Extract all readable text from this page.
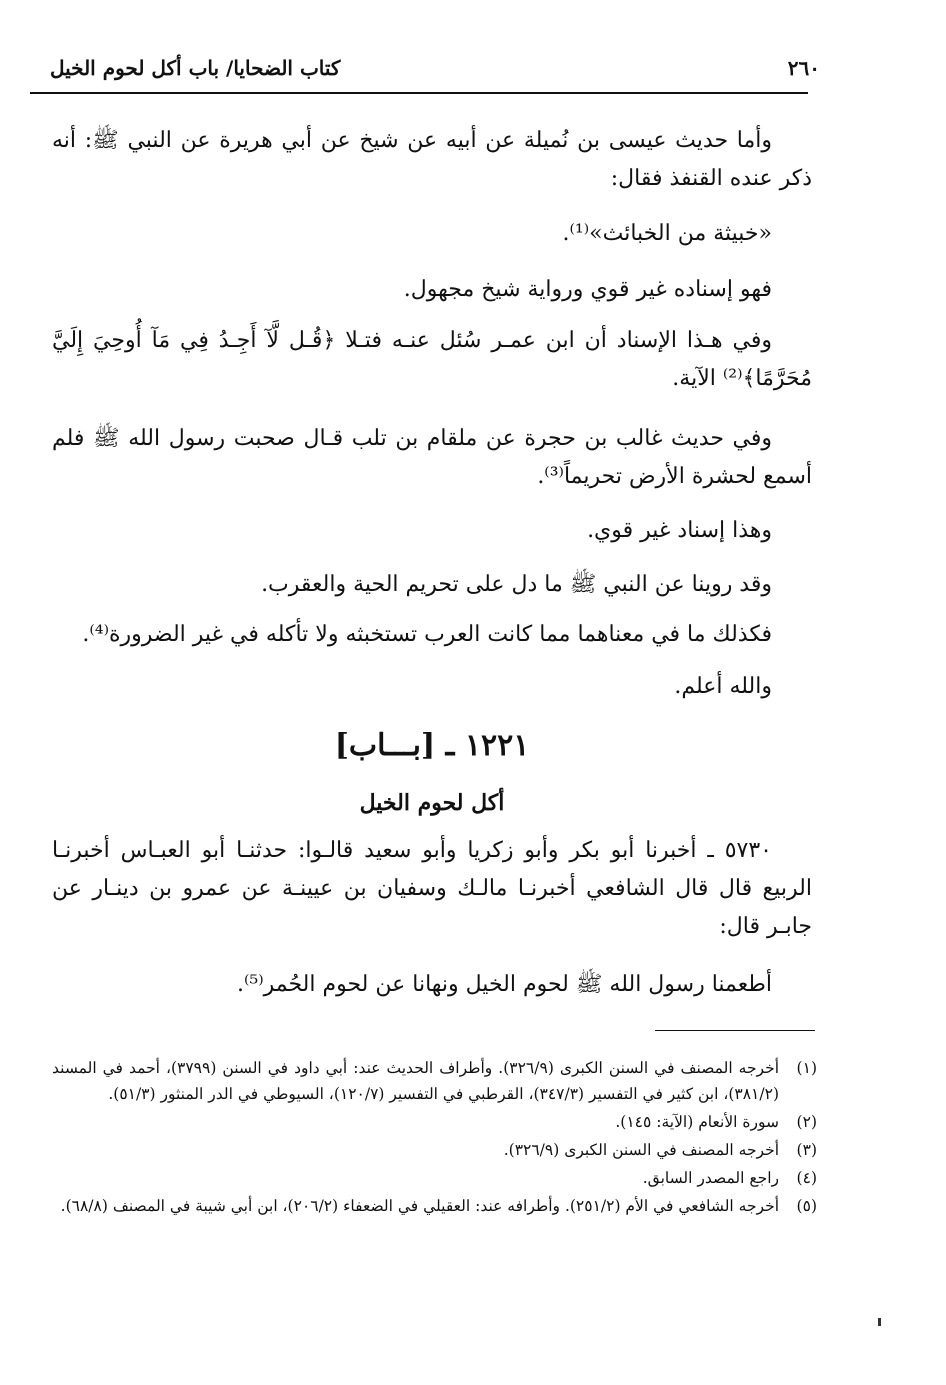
٢٦٠
كتاب الضحايا/ باب أكل لحوم الخيل

وأما حديث عيسى بن نُميلة عن أبيه عن شيخ عن أبي هريرة عن النبي ﷺ: أنه ذكر عنده القنفذ فقال:

«خبيثة من الخبائث»⁽¹⁾.

فهو إسناده غير قوي ورواية شيخ مجهول.

وفي هـذا الإسناد أن ابن عمـر سُئل عنـه فتـلا ﴿قُـل لَّآ أَجِـدُ فِي مَآ أُوحِيَ إِلَيَّ مُحَرَّمًا﴾⁽²⁾ الآية.

وفي حديث غالب بن حجرة عن ملقام بن تلب قـال صحبت رسول الله ﷺ فلم أسمع لحشرة الأرض تحريماً⁽³⁾.

وهذا إسناد غير قوي.

وقد روينا عن النبي ﷺ ما دل على تحريم الحية والعقرب.

فكذلك ما في معناهما مما كانت العرب تستخبثه ولا تأكله في غير الضرورة⁽⁴⁾.

والله أعلم.

١٢٢١ ـ [بـــاب]
أكل لحوم الخيل

٥٧٣٠ ـ أخبرنا أبو بكر وأبو زكريا وأبو سعيد قالـوا: حدثنـا أبو العبـاس أخبرنـا الربيع قال قال الشافعي أخبرنـا مالـك وسفيان بن عيينـة عن عمرو بن دينـار عن جابـر قال:

أطعمنا رسول الله ﷺ لحوم الخيل ونهانا عن لحوم الحُمر⁽⁵⁾.

(١)
أخرجه المصنف في السنن الكبرى (٣٢٦/٩). وأطراف الحديث عند: أبي داود في السنن (٣٧٩٩)، أحمد في المسند (٣٨١/٢)، ابن كثير في التفسير (٣٤٧/٣)، القرطبي في التفسير (١٢٠/٧)، السيوطي في الدر المنثور (٥١/٣).
(٢)
سورة الأنعام (الآية: ١٤٥).
(٣)
أخرجه المصنف في السنن الكبرى (٣٢٦/٩).
(٤)
راجع المصدر السابق.
(٥)
أخرجه الشافعي في الأم (٢٥١/٢). وأطرافه عند: العقيلي في الضعفاء (٢٠٦/٢)، ابن أبي شيبة في المصنف (٦٨/٨).
